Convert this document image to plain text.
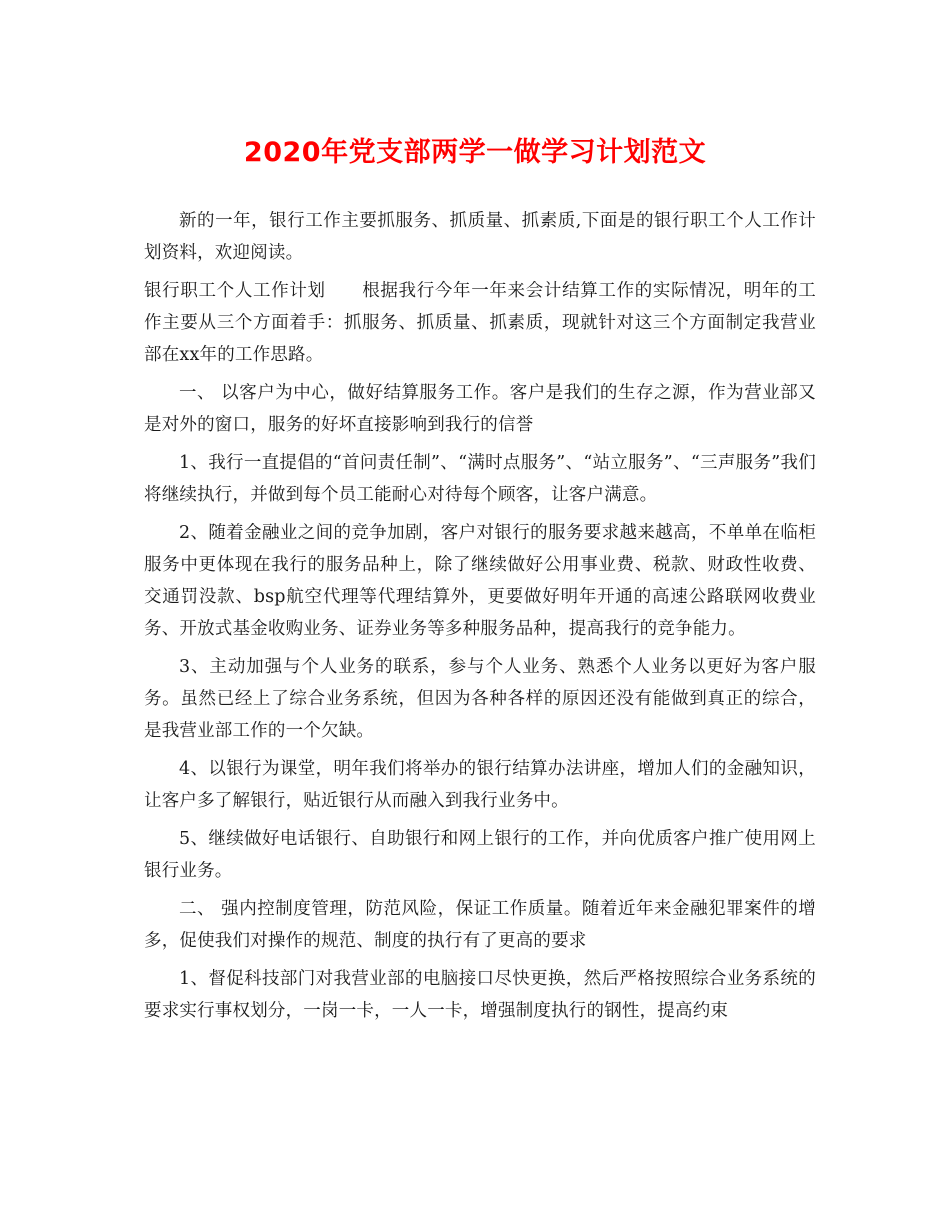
2020年党支部两学一做学习计划范文

新的一年，银行工作主要抓服务、抓质量、抓素质,下面是的银行职工个人工作计划资料，欢迎阅读。

银行职工个人工作计划 根据我行今年一年来会计结算工作的实际情况，明年的工作主要从三个方面着手：抓服务、抓质量、抓素质，现就针对这三个方面制定我营业部在xx年的工作思路。

一、 以客户为中心，做好结算服务工作。客户是我们的生存之源，作为营业部又是对外的窗口，服务的好坏直接影响到我行的信誉

1、我行一直提倡的“首问责任制”、“满时点服务”、“站立服务”、“三声服务”我们将继续执行，并做到每个员工能耐心对待每个顾客，让客户满意。

2、随着金融业之间的竞争加剧，客户对银行的服务要求越来越高，不单单在临柜服务中更体现在我行的服务品种上，除了继续做好公用事业费、税款、财政性收费、交通罚没款、bsp航空代理等代理结算外，更要做好明年开通的高速公路联网收费业务、开放式基金收购业务、证券业务等多种服务品种，提高我行的竞争能力。

3、主动加强与个人业务的联系，参与个人业务、熟悉个人业务以更好为客户服务。虽然已经上了综合业务系统，但因为各种各样的原因还没有能做到真正的综合，是我营业部工作的一个欠缺。

4、以银行为课堂，明年我们将举办的银行结算办法讲座，增加人们的金融知识，让客户多了解银行，贴近银行从而融入到我行业务中。

5、继续做好电话银行、自助银行和网上银行的工作，并向优质客户推广使用网上银行业务。

二、 强内控制度管理，防范风险，保证工作质量。随着近年来金融犯罪案件的增多，促使我们对操作的规范、制度的执行有了更高的要求

1、督促科技部门对我营业部的电脑接口尽快更换，然后严格按照综合业务系统的要求实行事权划分，一岗一卡，一人一卡，增强制度执行的钢性，提高约束
